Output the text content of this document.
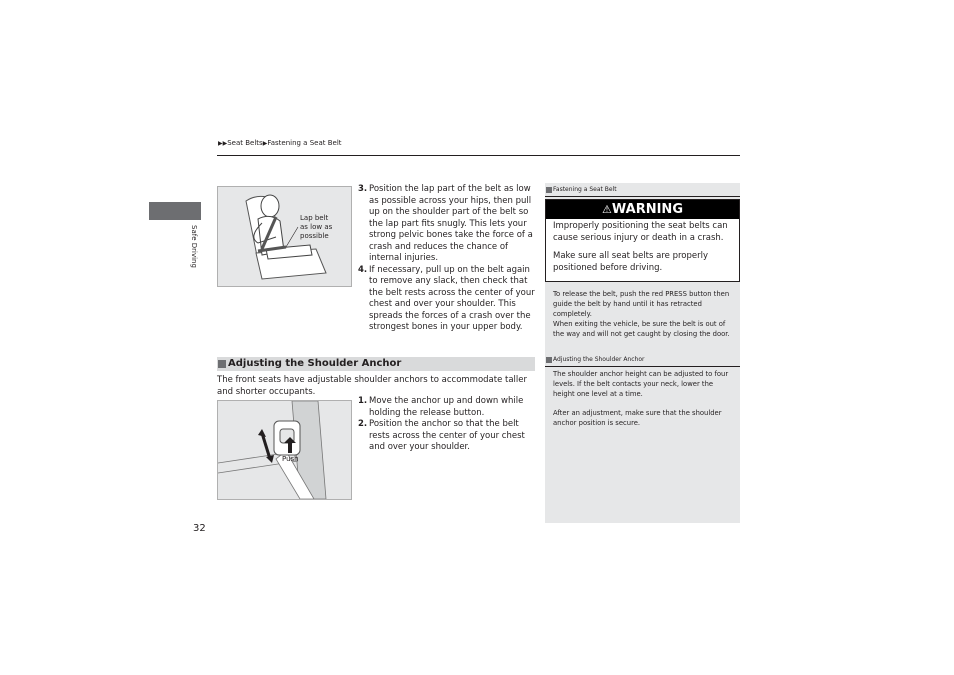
▶▶Seat Belts▶Fastening a Seat Belt
Safe Driving
Lap belt
as low as
possible
3. Position the lap part of the belt as low as possible across your hips, then pull up on the shoulder part of the belt so the lap part fits snugly. This lets your strong pelvic bones take the force of a crash and reduces the chance of internal injuries.
4. If necessary, pull up on the belt again to remove any slack, then check that the belt rests across the center of your chest and over your shoulder. This spreads the forces of a crash over the strongest bones in your upper body.
Adjusting the Shoulder Anchor
The front seats have adjustable shoulder anchors to accommodate taller and shorter occupants.
Push
1. Move the anchor up and down while holding the release button.
2. Position the anchor so that the belt rests across the center of your chest and over your shoulder.
Fastening a Seat Belt
⚠WARNING
Improperly positioning the seat belts can cause serious injury or death in a crash.
Make sure all seat belts are properly positioned before driving.
To release the belt, push the red PRESS button then guide the belt by hand until it has retracted completely.
When exiting the vehicle, be sure the belt is out of the way and will not get caught by closing the door.
Adjusting the Shoulder Anchor
The shoulder anchor height can be adjusted to four levels. If the belt contacts your neck, lower the height one level at a time.
After an adjustment, make sure that the shoulder anchor position is secure.
32
